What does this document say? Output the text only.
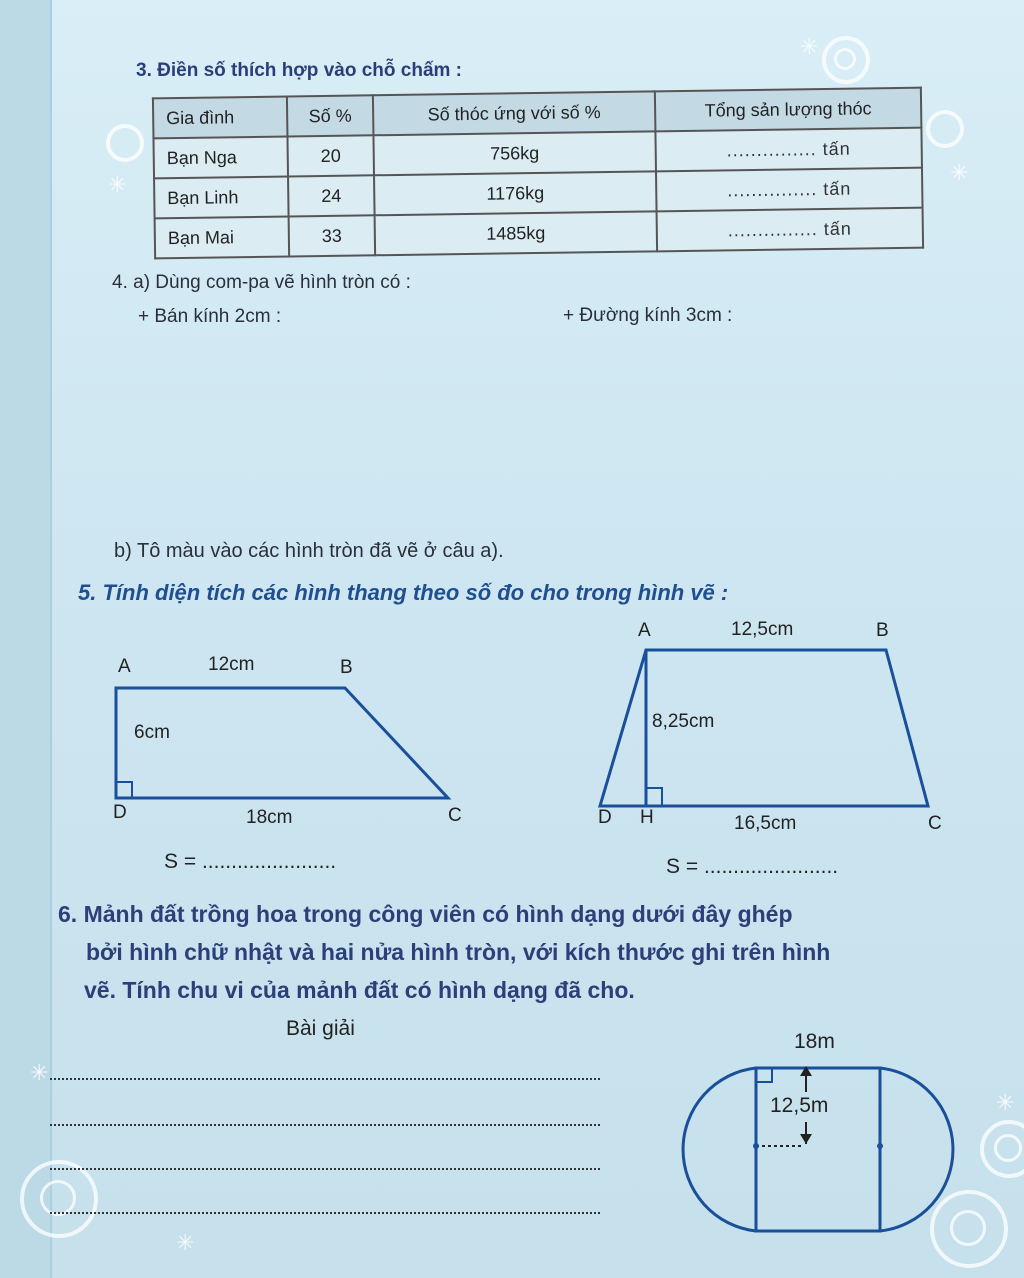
✳
✳
✳
✳
✳
✳
3. Điền số thích hợp vào chỗ chấm :
Gia đình	Số %	Số thóc ứng với số %	Tổng sản lượng thóc
Bạn Nga	20	756kg	............... tấn
Bạn Linh	24	1176kg	............... tấn
Bạn Mai	33	1485kg	............... tấn
4. a) Dùng com-pa vẽ hình tròn có :
+ Bán kính 2cm :	+ Đường kính 3cm :
b) Tô màu vào các hình tròn đã vẽ ở câu a).
5. Tính diện tích các hình thang theo số đo cho trong hình vẽ :
A	12cm	B
6cm
D	18cm	C
S = .......................
A	12,5cm	B
8,25cm
D H	16,5cm	C
S = .......................
6. Mảnh đất trồng hoa trong công viên có hình dạng dưới đây ghép
bởi hình chữ nhật và hai nửa hình tròn, với kích thước ghi trên hình
vẽ. Tính chu vi của mảnh đất có hình dạng đã cho.
Bài giải
18m
12,5m
